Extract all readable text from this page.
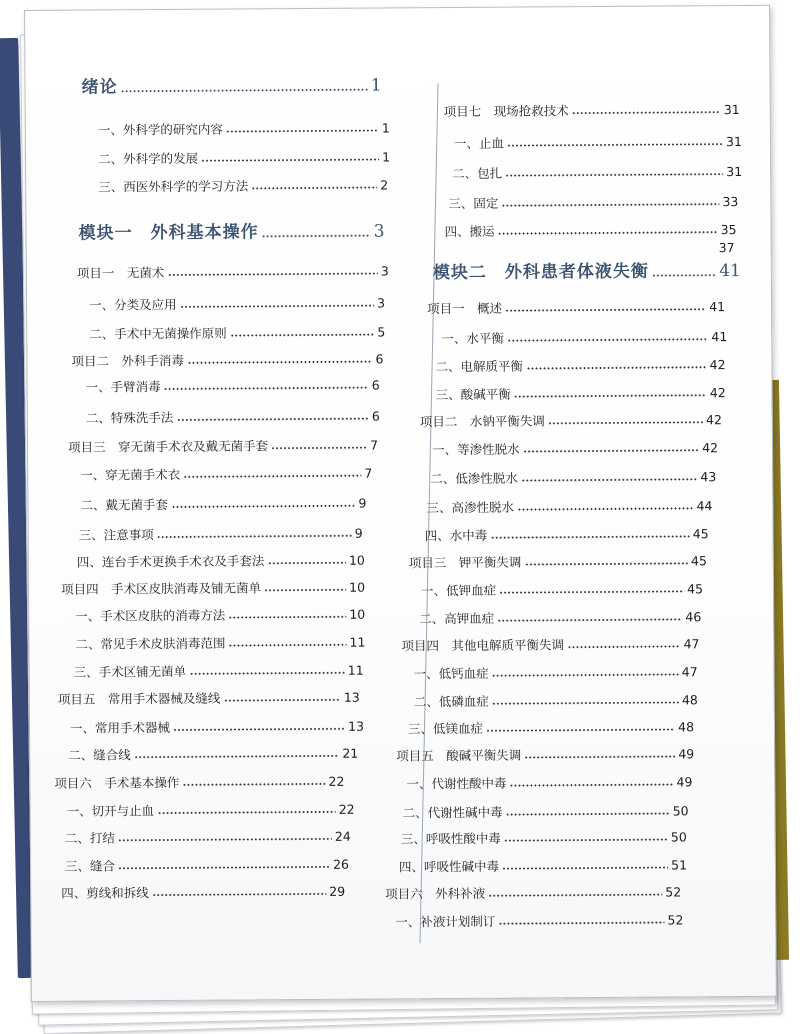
绪论	1
一、外科学的研究内容	1
二、外科学的发展	1
三、西医外科学的学习方法	2
模块一　外科基本操作	3
项目一　无菌术	3
一、分类及应用	3
二、手术中无菌操作原则	5
项目二　外科手消毒	6
一、手臂消毒	6
二、特殊洗手法	6
项目三　穿无菌手术衣及戴无菌手套	7
一、穿无菌手术衣	7
二、戴无菌手套	9
三、注意事项	9
四、连台手术更换手术衣及手套法	10
项目四　手术区皮肤消毒及铺无菌单	10
一、手术区皮肤的消毒方法	10
二、常见手术皮肤消毒范围	11
三、手术区铺无菌单	11
项目五　常用手术器械及缝线	13
一、常用手术器械	13
二、缝合线	21
项目六　手术基本操作	22
一、切开与止血	22
二、打结	24
三、缝合	26
四、剪线和拆线	29
项目七　现场抢救技术	31
一、止血	31
二、包扎	31
三、固定	33
四、搬运	35
模块二　外科患者体液失衡	41
项目一　概述	41
一、水平衡	41
二、电解质平衡	42
三、酸碱平衡	42
项目二　水钠平衡失调	42
一、等渗性脱水	42
二、低渗性脱水	43
三、高渗性脱水	44
四、水中毒	45
项目三　钾平衡失调	45
一、低钾血症	45
二、高钾血症	46
项目四　其他电解质平衡失调	47
一、低钙血症	47
二、低磷血症	48
三、低镁血症	48
项目五　酸碱平衡失调	49
一、代谢性酸中毒	49
二、代谢性碱中毒	50
三、呼吸性酸中毒	50
四、呼吸性碱中毒	51
项目六　外科补液	52
一、补液计划制订	52
37
